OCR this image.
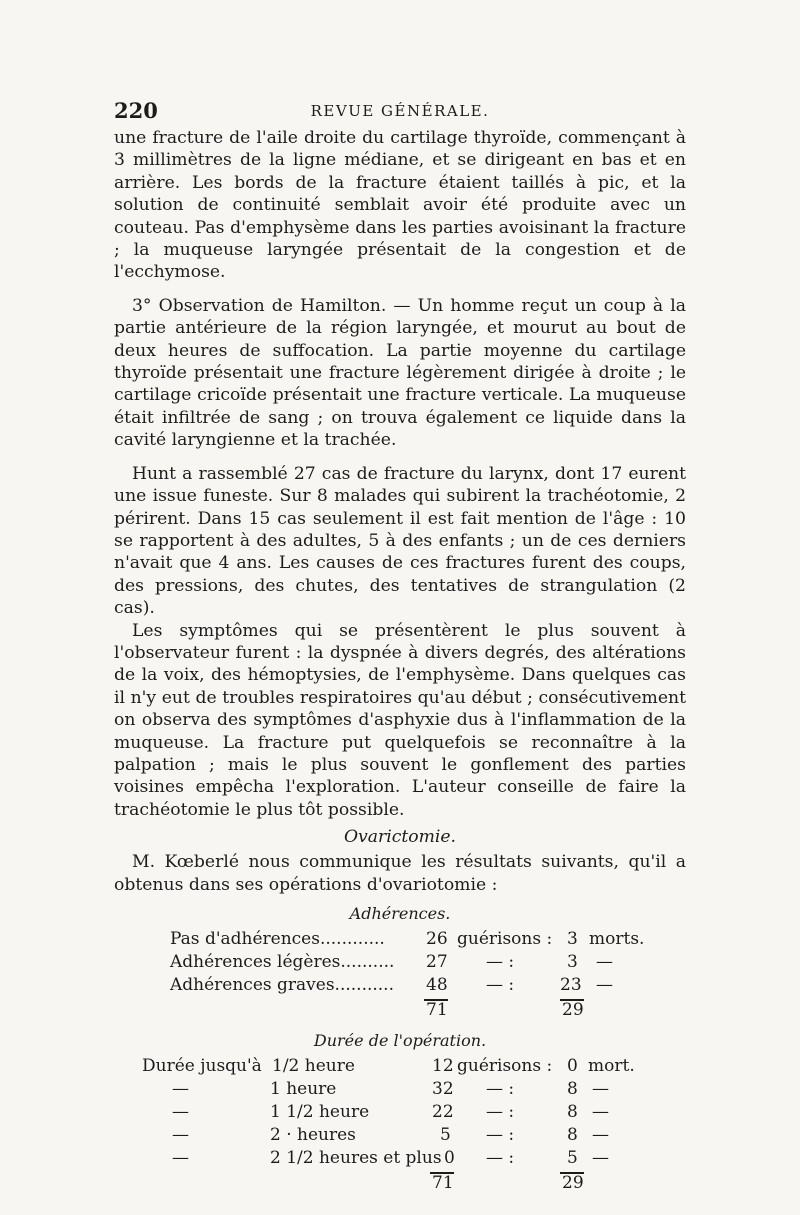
220	REVUE GÉNÉRALE.

une fracture de l'aile droite du cartilage thyroïde, commençant à 3 millimètres de la ligne médiane, et se dirigeant en bas et en arrière. Les bords de la fracture étaient taillés à pic, et la solution de continuité semblait avoir été produite avec un couteau. Pas d'emphysème dans les parties avoisinant la fracture ; la muqueuse laryngée présentait de la congestion et de l'ecchymose.

3° Observation de Hamilton. — Un homme reçut un coup à la partie antérieure de la région laryngée, et mourut au bout de deux heures de suffocation. La partie moyenne du cartilage thyroïde présentait une fracture légèrement dirigée à droite ; le cartilage cricoïde présentait une fracture verticale. La muqueuse était infiltrée de sang ; on trouva également ce liquide dans la cavité laryngienne et la trachée.

Hunt a rassemblé 27 cas de fracture du larynx, dont 17 eurent une issue funeste. Sur 8 malades qui subirent la trachéotomie, 2 périrent. Dans 15 cas seulement il est fait mention de l'âge : 10 se rapportent à des adultes, 5 à des enfants ; un de ces derniers n'avait que 4 ans. Les causes de ces fractures furent des coups, des pressions, des chutes, des tentatives de strangulation (2 cas).

Les symptômes qui se présentèrent le plus souvent à l'observateur furent : la dyspnée à divers degrés, des altérations de la voix, des hémoptysies, de l'emphysème. Dans quelques cas il n'y eut de troubles respiratoires qu'au début ; consécutivement on observa des symptômes d'asphyxie dus à l'inflammation de la muqueuse. La fracture put quelquefois se reconnaître à la palpation ; mais le plus souvent le gonflement des parties voisines empêcha l'exploration. L'auteur conseille de faire la trachéotomie le plus tôt possible.

Ovarictomie.

M. Kœberlé nous communique les résultats suivants, qu'il a obtenus dans ses opérations d'ovariotomie :

Adhérences.

Pas d'adhérences............ 26 guérisons : 3 morts.
Adhérences légères.......... 27 — :	3 —
Adhérences graves........... 48 — :	23 —
71	29

Durée de l'opération.

Durée jusqu'à 1/2 heure	12 guérisons : 0 mort.
—	1 heure	32 — :	8 —
—	1 1/2 heure	22 — :	8 —
—	2 · heures	5 — :	8 —
—	2 1/2 heures et plus 0 — :	5 —
71	29
